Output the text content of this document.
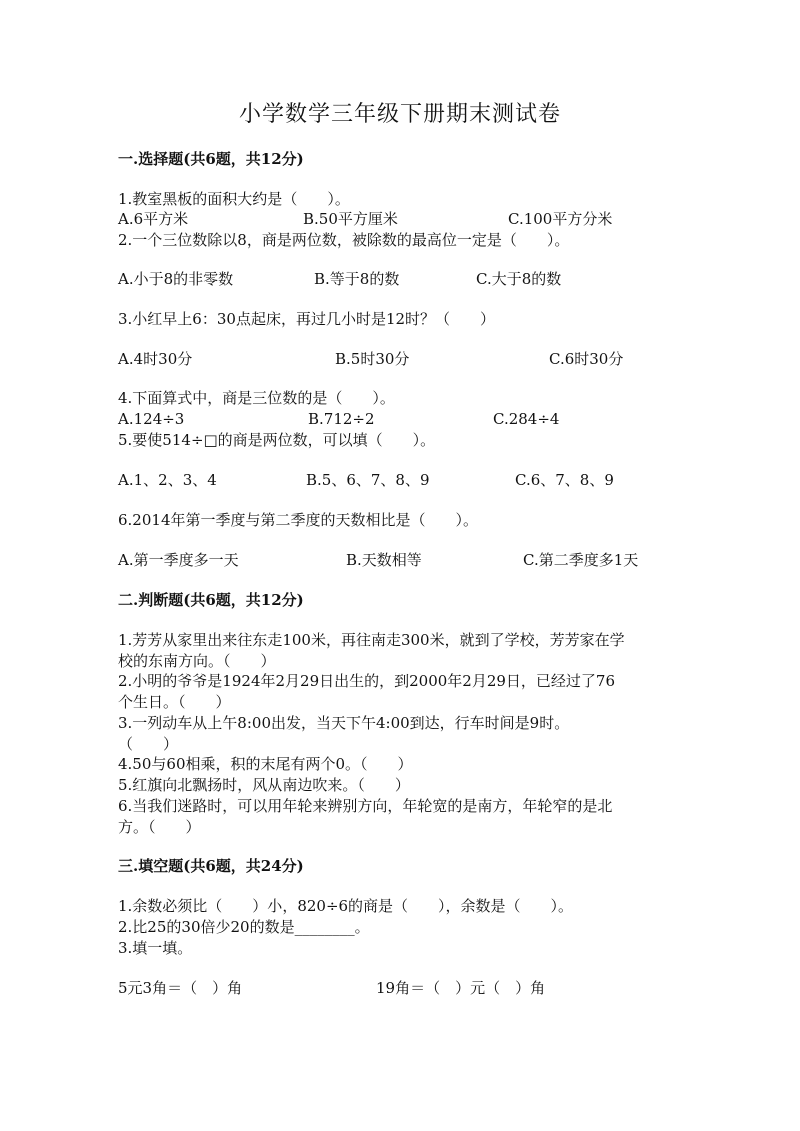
小学数学三年级下册期末测试卷
一.选择题(共6题，共12分)
1.教室黑板的面积大约是（　　）。
A.6平方米	B.50平方厘米	C.100平方分米
2.一个三位数除以8，商是两位数，被除数的最高位一定是（　　）。
A.小于8的非零数	B.等于8的数	C.大于8的数
3.小红早上6：30点起床，再过几小时是12时？（　　）
A.4时30分	B.5时30分	C.6时30分
4.下面算式中，商是三位数的是（　　）。
A.124÷3	B.712÷2	C.284÷4
5.要使514÷□的商是两位数，可以填（　　）。
A.1、2、3、4	B.5、6、7、8、9	C.6、7、8、9
6.2014年第一季度与第二季度的天数相比是（　　）。
A.第一季度多一天	B.天数相等	C.第二季度多1天
二.判断题(共6题，共12分)
1.芳芳从家里出来往东走100米，再往南走300米，就到了学校，芳芳家在学
校的东南方向。（　　）
2.小明的爷爷是1924年2月29日出生的，到2000年2月29日，已经过了76
个生日。（　　）
3.一列动车从上午8:00出发，当天下午4:00到达，行车时间是9时。
（　　）
4.50与60相乘，积的末尾有两个0。（　　）
5.红旗向北飘扬时，风从南边吹来。（　　）
6.当我们迷路时，可以用年轮来辨别方向，年轮宽的是南方，年轮窄的是北
方。（　　）
三.填空题(共6题，共24分)
1.余数必须比（　　）小，820÷6的商是（　　），余数是（　　）。
2.比25的30倍少20的数是________。
3.填一填。
5元3角＝（　）角	19角＝（　）元（　）角
